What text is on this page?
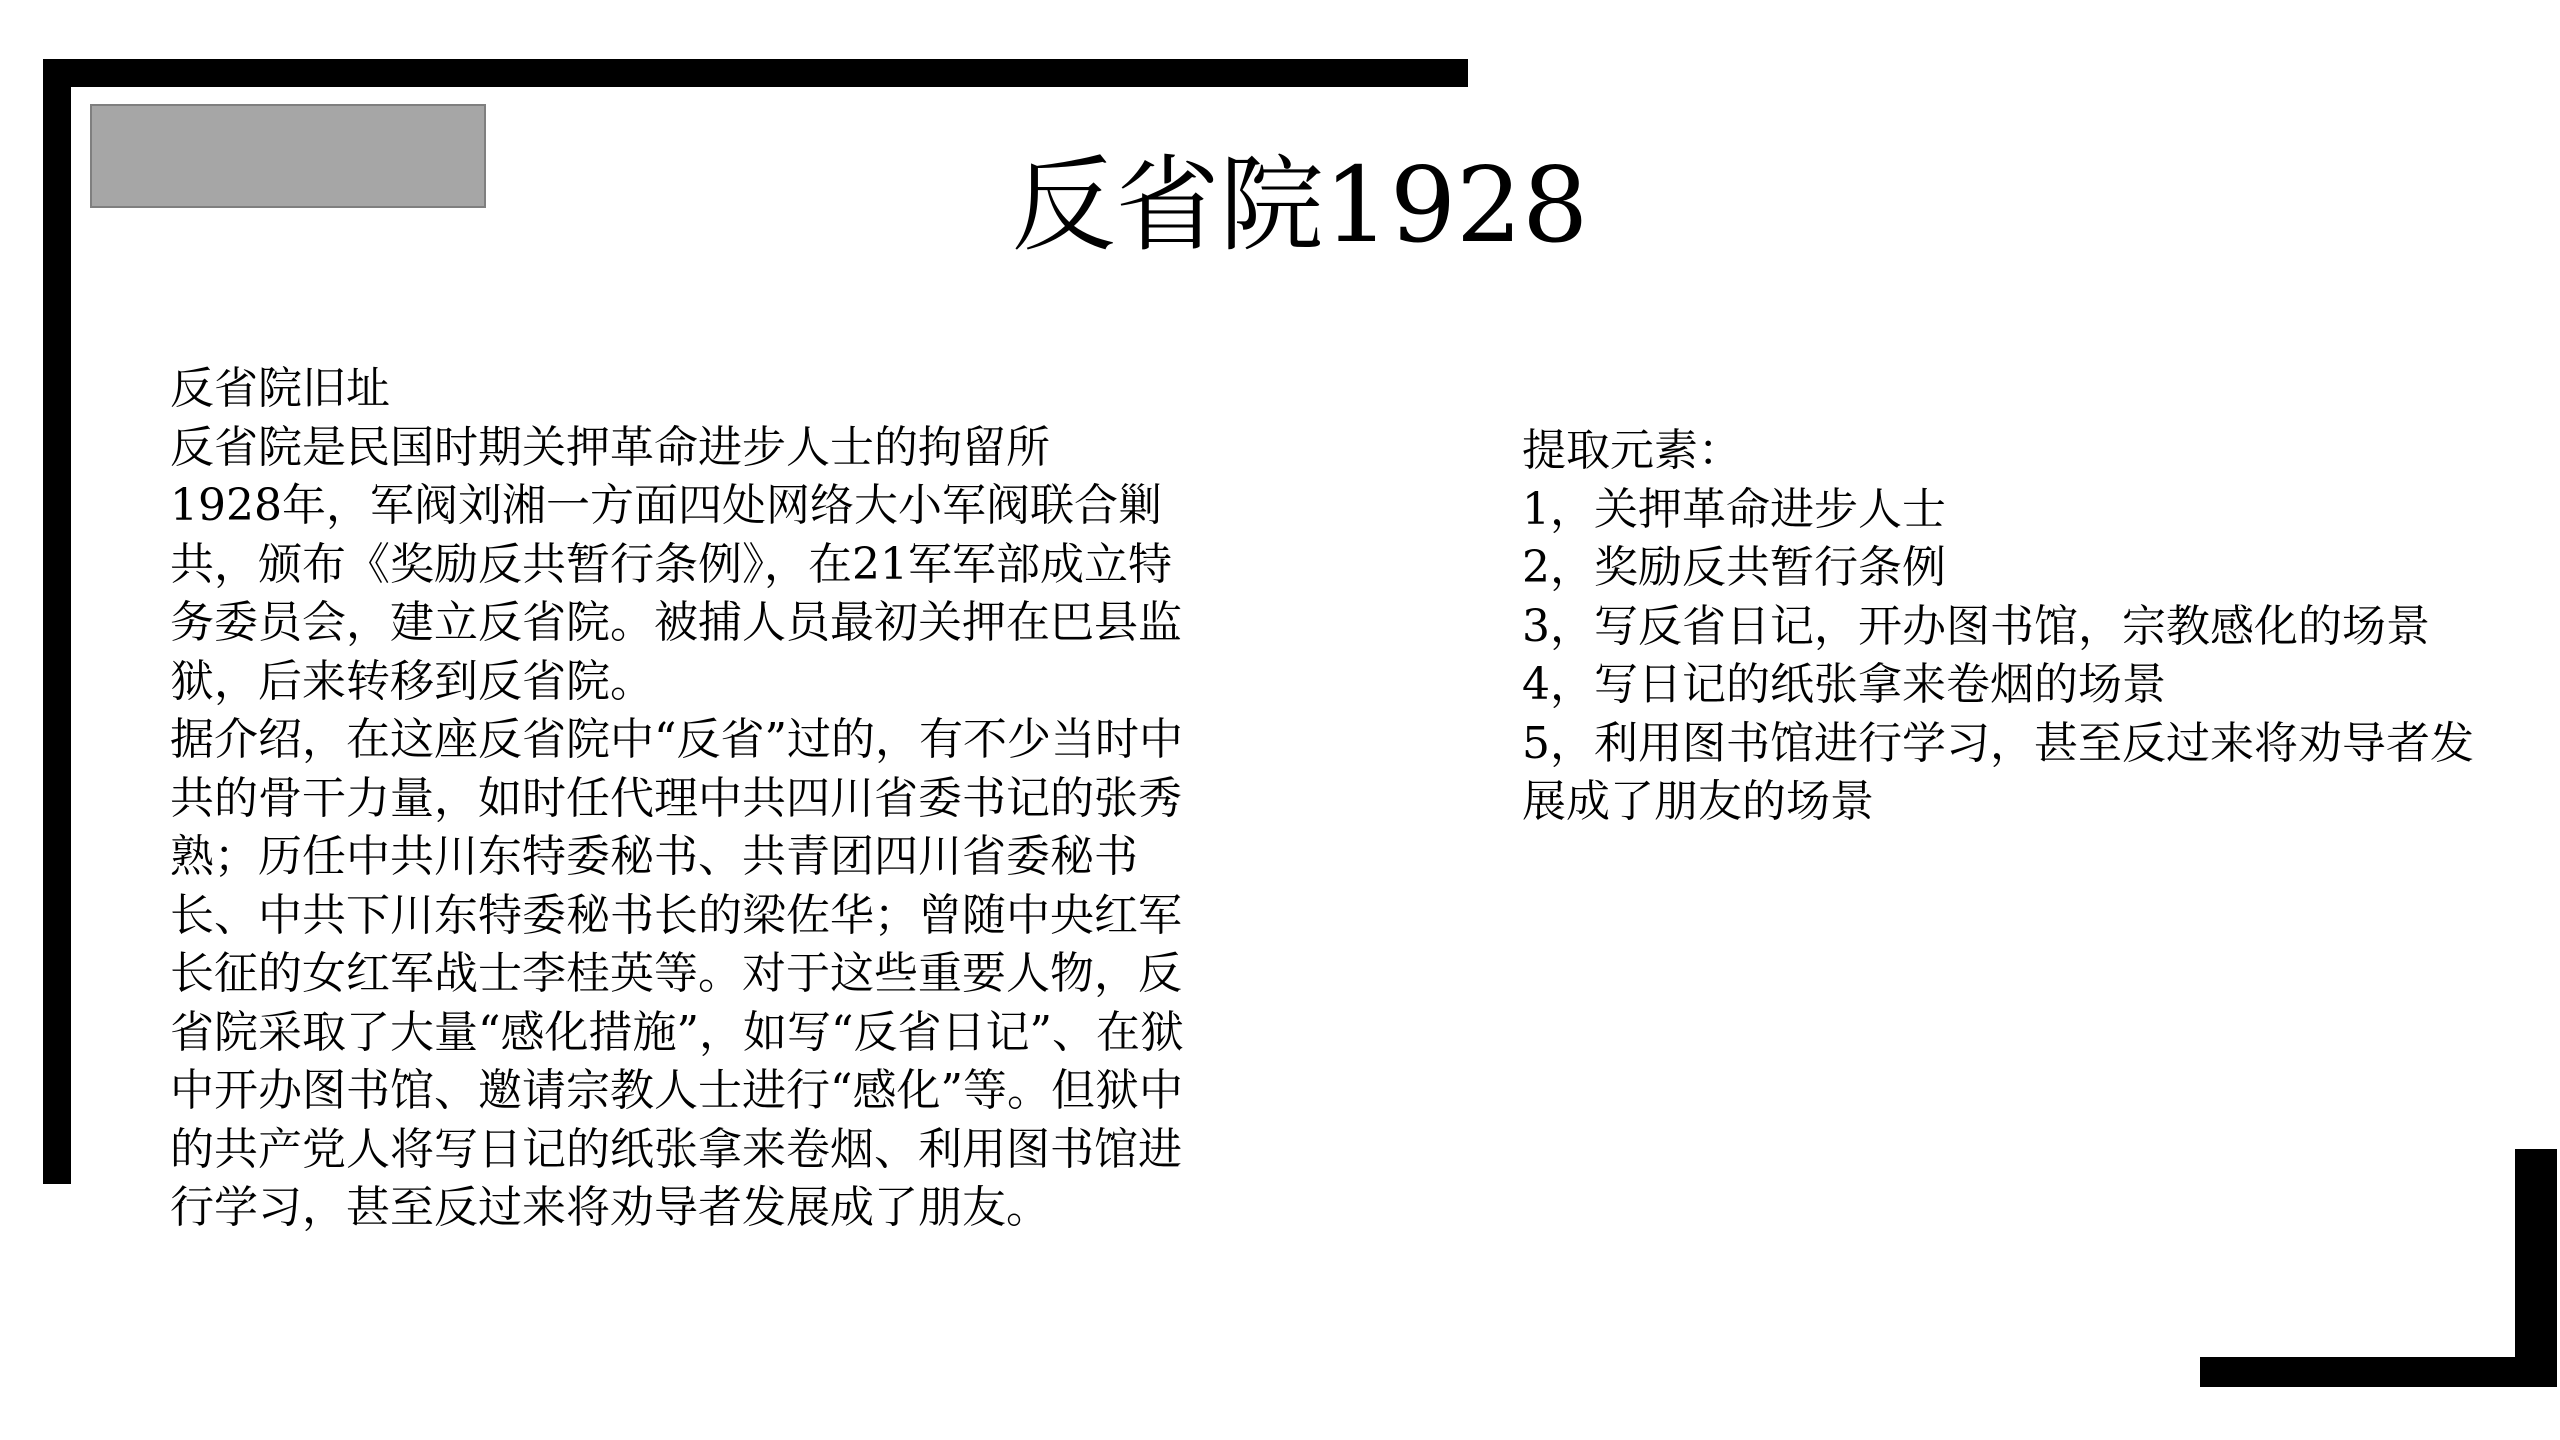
反省院1928

反省院旧址

反省院是民国时期关押革命进步人士的拘留所

1928年，军阀刘湘一方面四处网络大小军阀联合剿共，颁布《奖励反共暂行条例》，在21军军部成立特务委员会，建立反省院。被捕人员最初关押在巴县监狱，后来转移到反省院。

据介绍，在这座反省院中“反省”过的，有不少当时中共的骨干力量，如时任代理中共四川省委书记的张秀熟；历任中共川东特委秘书、共青团四川省委秘书长、中共下川东特委秘书长的梁佐华；曾随中央红军长征的女红军战士李桂英等。对于这些重要人物，反省院采取了大量“感化措施”，如写“反省日记”、在狱中开办图书馆、邀请宗教人士进行“感化”等。但狱中的共产党人将写日记的纸张拿来卷烟、利用图书馆进行学习，甚至反过来将劝导者发展成了朋友。

提取元素：

1，关押革命进步人士

2，奖励反共暂行条例

3，写反省日记，开办图书馆，宗教感化的场景

4，写日记的纸张拿来卷烟的场景

5，利用图书馆进行学习，甚至反过来将劝导者发展成了朋友的场景
